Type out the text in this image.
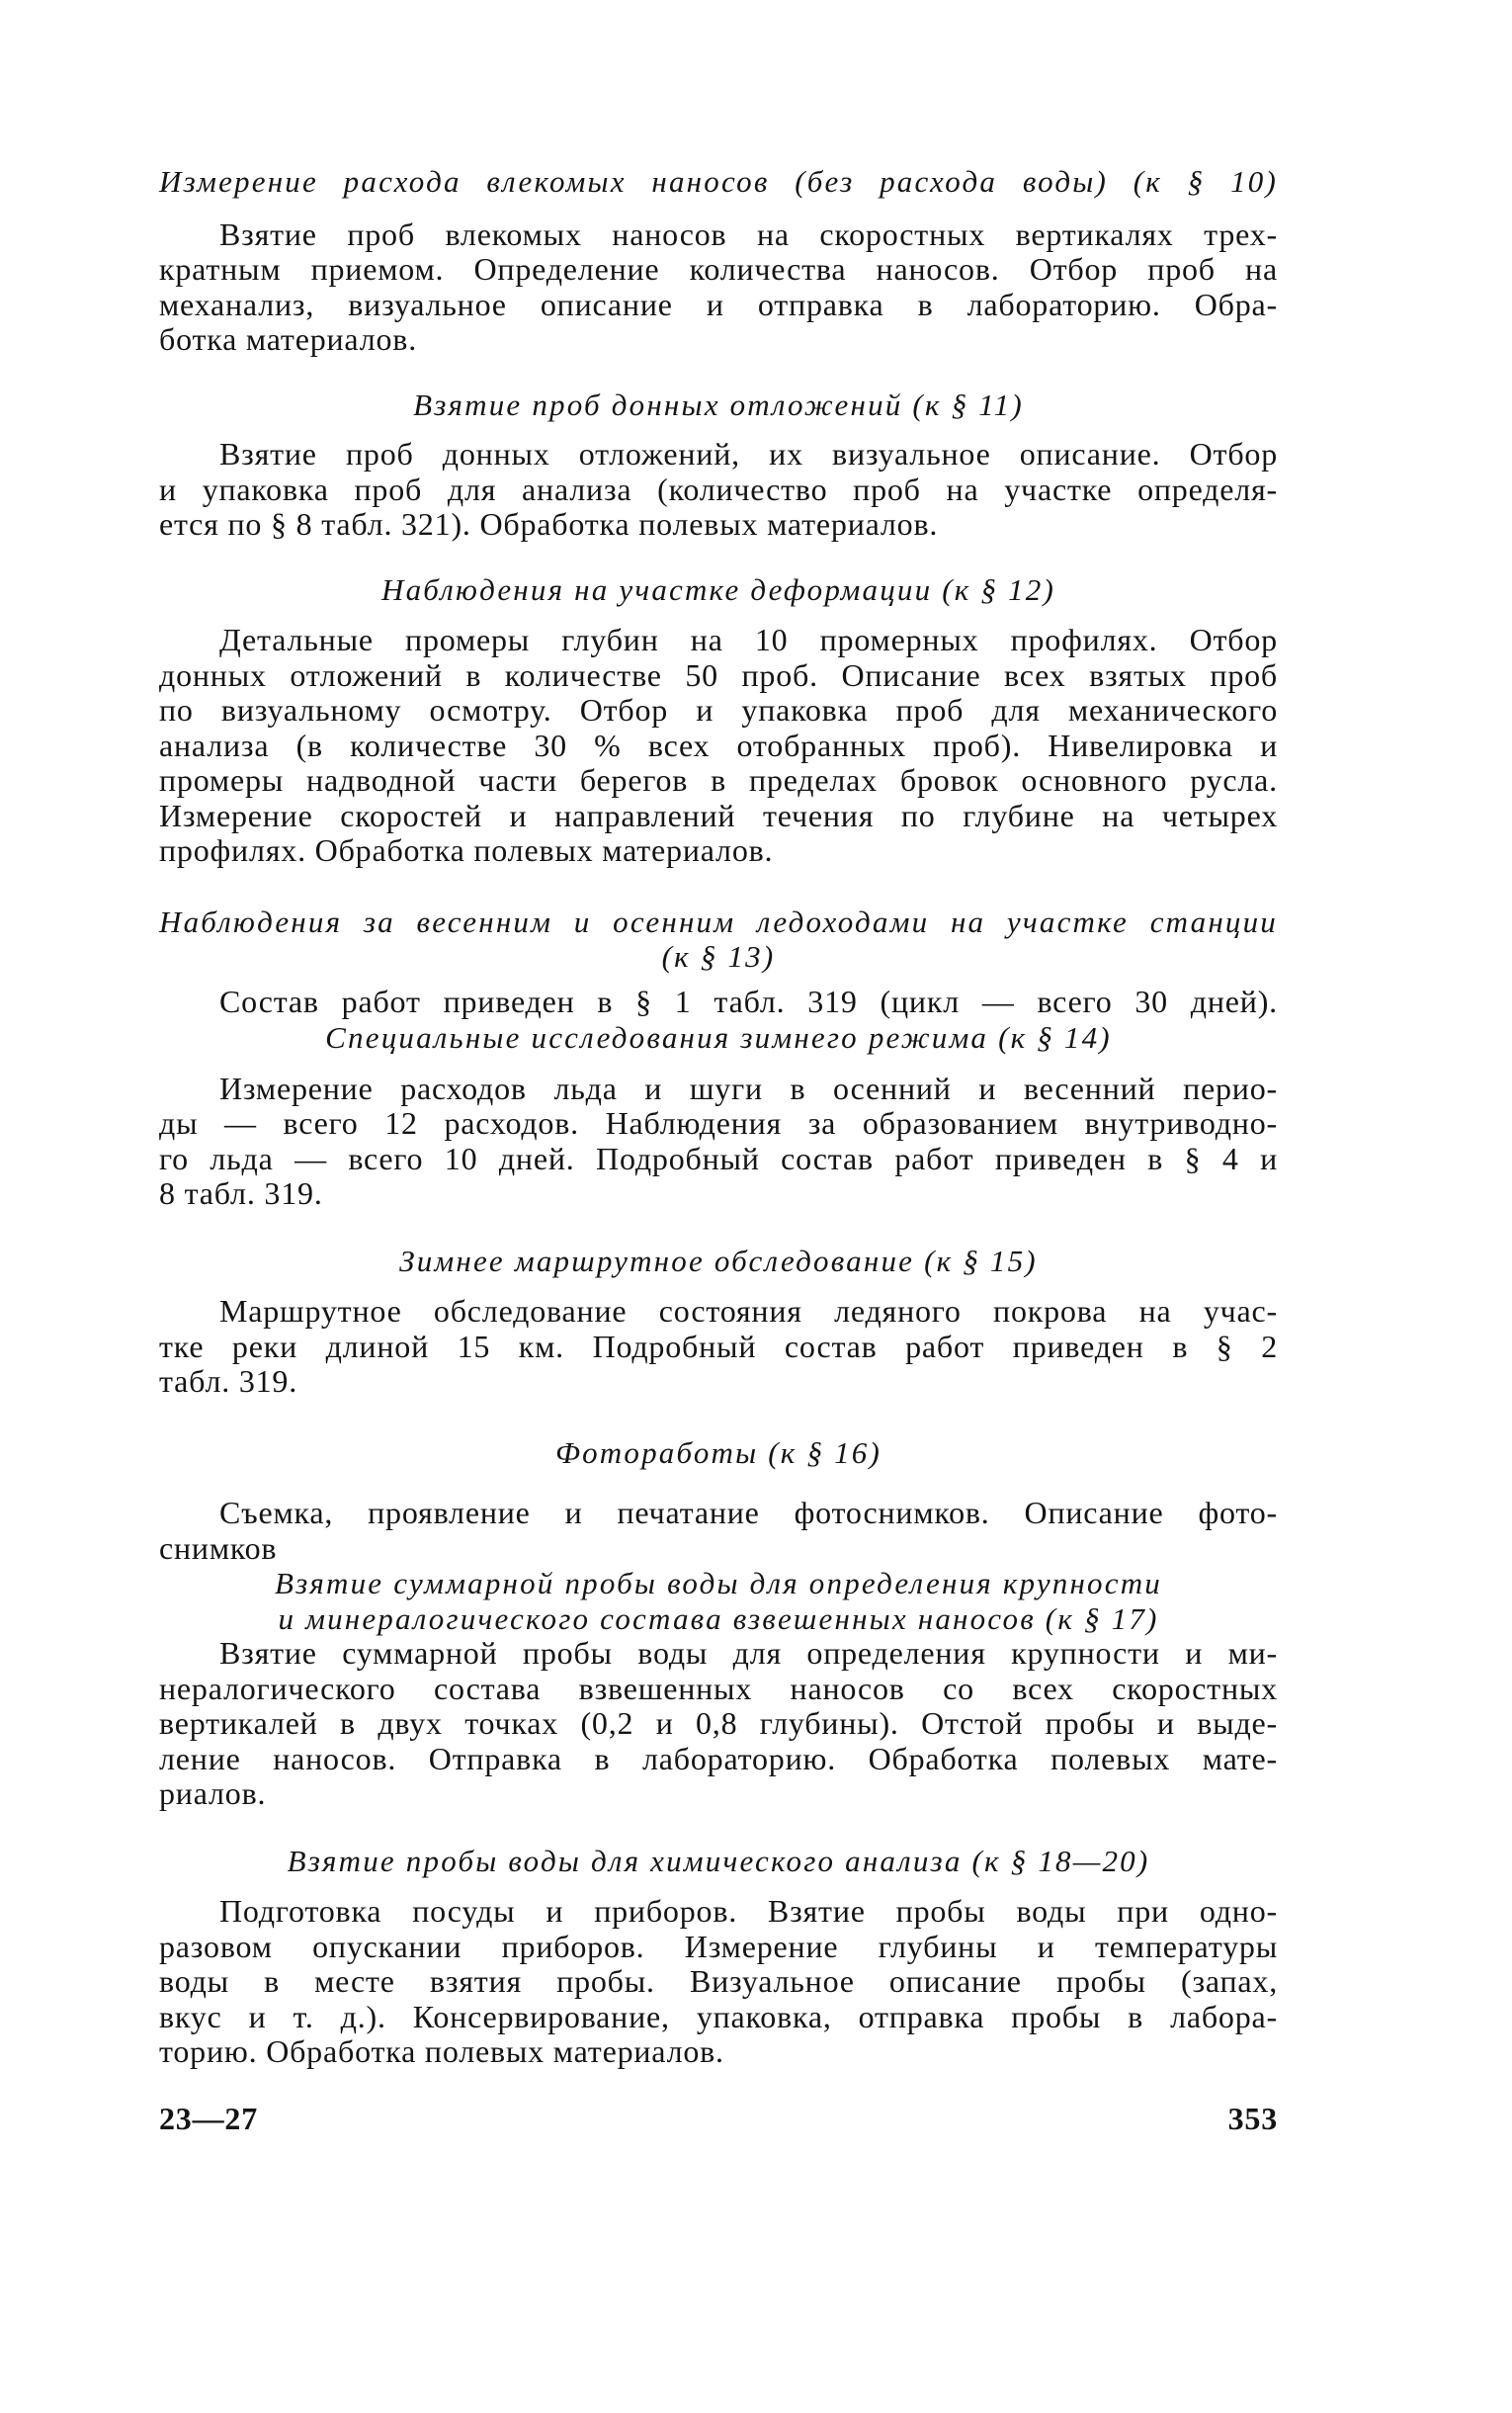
Измерение расхода влекомых наносов (без расхода воды) (к § 10)
Взятие проб влекомых наносов на скоростных вертикалях трех-
кратным приемом. Определение количества наносов. Отбор проб на
механализ, визуальное описание и отправка в лабораторию. Обра-
ботка материалов.
Взятие проб донных отложений (к § 11)
Взятие проб донных отложений, их визуальное описание. Отбор
и упаковка проб для анализа (количество проб на участке определя-
ется по § 8 табл. 321). Обработка полевых материалов.
Наблюдения на участке деформации (к § 12)
Детальные промеры глубин на 10 промерных профилях. Отбор
донных отложений в количестве 50 проб. Описание всех взятых проб
по визуальному осмотру. Отбор и упаковка проб для механического
анализа (в количестве 30 % всех отобранных проб). Нивелировка и
промеры надводной части берегов в пределах бровок основного русла.
Измерение скоростей и направлений течения по глубине на четырех
профилях. Обработка полевых материалов.
Наблюдения за весенним и осенним ледоходами на участке станции
(к § 13)
Состав работ приведен в § 1 табл. 319 (цикл — всего 30 дней).
Специальные исследования зимнего режима (к § 14)
Измерение расходов льда и шуги в осенний и весенний перио-
ды — всего 12 расходов. Наблюдения за образованием внутриводно-
го льда — всего 10 дней. Подробный состав работ приведен в § 4 и
8 табл. 319.
Зимнее маршрутное обследование (к § 15)
Маршрутное обследование состояния ледяного покрова на учас-
тке реки длиной 15 км. Подробный состав работ приведен в § 2
табл. 319.
Фотоработы (к § 16)
Съемка, проявление и печатание фотоснимков. Описание фото-
снимков
Взятие суммарной пробы воды для определения крупности
и минералогического состава взвешенных наносов (к § 17)
Взятие суммарной пробы воды для определения крупности и ми-
нералогического состава взвешенных наносов со всех скоростных
вертикалей в двух точках (0,2 и 0,8 глубины). Отстой пробы и выде-
ление наносов. Отправка в лабораторию. Обработка полевых мате-
риалов.
Взятие пробы воды для химического анализа (к § 18—20)
Подготовка посуды и приборов. Взятие пробы воды при одно-
разовом опускании приборов. Измерение глубины и температуры
воды в месте взятия пробы. Визуальное описание пробы (запах,
вкус и т. д.). Консервирование, упаковка, отправка пробы в лабора-
торию. Обработка полевых материалов.
23—27	353
